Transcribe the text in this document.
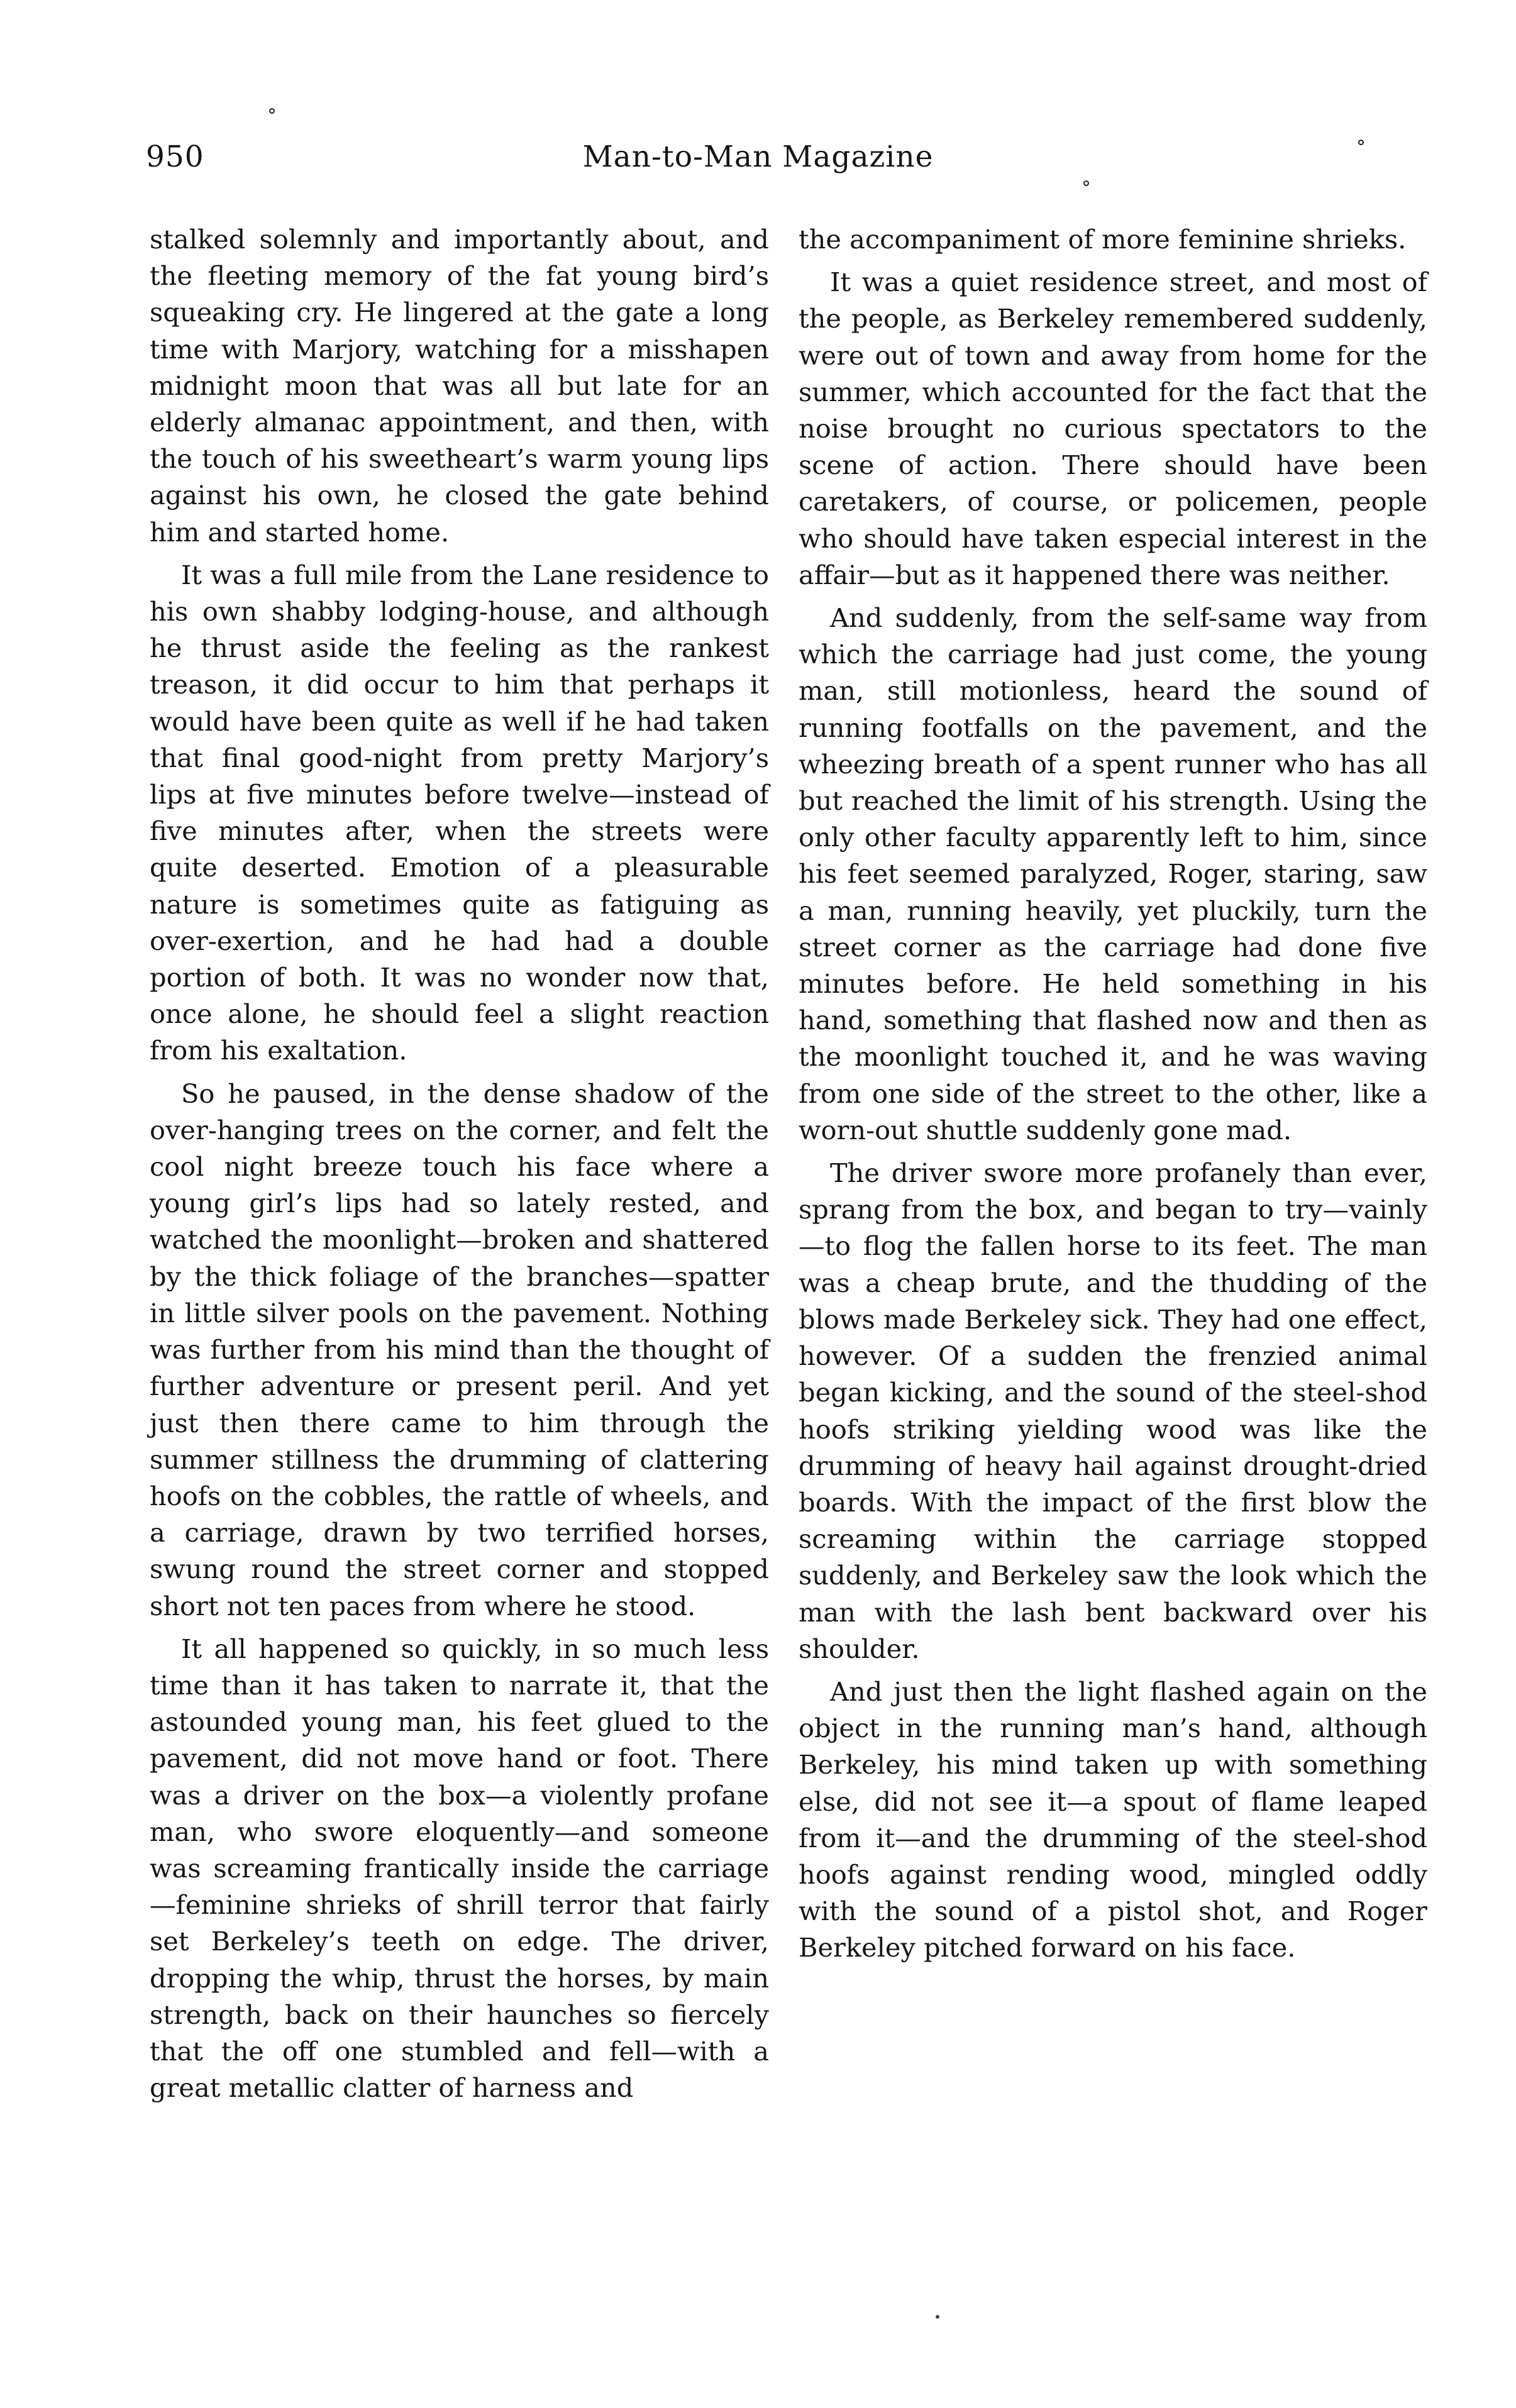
950	Man-to-Man Magazine

stalked solemnly and importantly about, and the fleeting memory of the fat young bird’s squeaking cry. He lingered at the gate a long time with Marjory, watching for a misshapen midnight moon that was all but late for an elderly almanac appointment, and then, with the touch of his sweetheart’s warm young lips against his own, he closed the gate behind him and started home.

It was a full mile from the Lane residence to his own shabby lodging-house, and although he thrust aside the feeling as the rankest treason, it did occur to him that perhaps it would have been quite as well if he had taken that final good-night from pretty Marjory’s lips at five minutes before twelve—instead of five minutes after, when the streets were quite deserted. Emotion of a pleasurable nature is sometimes quite as fatiguing as over-exertion, and he had had a double portion of both. It was no wonder now that, once alone, he should feel a slight reaction from his exaltation.

So he paused, in the dense shadow of the over-hanging trees on the corner, and felt the cool night breeze touch his face where a young girl’s lips had so lately rested, and watched the moonlight—broken and shattered by the thick foliage of the branches—spatter in little silver pools on the pavement. Nothing was further from his mind than the thought of further adventure or present peril. And yet just then there came to him through the summer stillness the drumming of clattering hoofs on the cobbles, the rattle of wheels, and a carriage, drawn by two terrified horses, swung round the street corner and stopped short not ten paces from where he stood.

It all happened so quickly, in so much less time than it has taken to narrate it, that the astounded young man, his feet glued to the pavement, did not move hand or foot. There was a driver on the box—a violently profane man, who swore eloquently—and someone was screaming frantically inside the carriage—feminine shrieks of shrill terror that fairly set Berkeley’s teeth on edge. The driver, dropping the whip, thrust the horses, by main strength, back on their haunches so fiercely that the off one stumbled and fell—with a great metallic clatter of harness and

the accompaniment of more feminine shrieks.

It was a quiet residence street, and most of the people, as Berkeley remembered suddenly, were out of town and away from home for the summer, which accounted for the fact that the noise brought no curious spectators to the scene of action. There should have been caretakers, of course, or policemen, people who should have taken especial interest in the affair—but as it happened there was neither.

And suddenly, from the self-same way from which the carriage had just come, the young man, still motionless, heard the sound of running footfalls on the pavement, and the wheezing breath of a spent runner who has all but reached the limit of his strength. Using the only other faculty apparently left to him, since his feet seemed paralyzed, Roger, staring, saw a man, running heavily, yet pluckily, turn the street corner as the carriage had done five minutes before. He held something in his hand, something that flashed now and then as the moonlight touched it, and he was waving from one side of the street to the other, like a worn-out shuttle suddenly gone mad.

The driver swore more profanely than ever, sprang from the box, and began to try—vainly—to flog the fallen horse to its feet. The man was a cheap brute, and the thudding of the blows made Berkeley sick. They had one effect, however. Of a sudden the frenzied animal began kicking, and the sound of the steel-shod hoofs striking yielding wood was like the drumming of heavy hail against drought-dried boards. With the impact of the first blow the screaming within the carriage stopped suddenly, and Berkeley saw the look which the man with the lash bent backward over his shoulder.

And just then the light flashed again on the object in the running man’s hand, although Berkeley, his mind taken up with something else, did not see it—a spout of flame leaped from it—and the drumming of the steel-shod hoofs against rending wood, mingled oddly with the sound of a pistol shot, and Roger Berkeley pitched forward on his face.
